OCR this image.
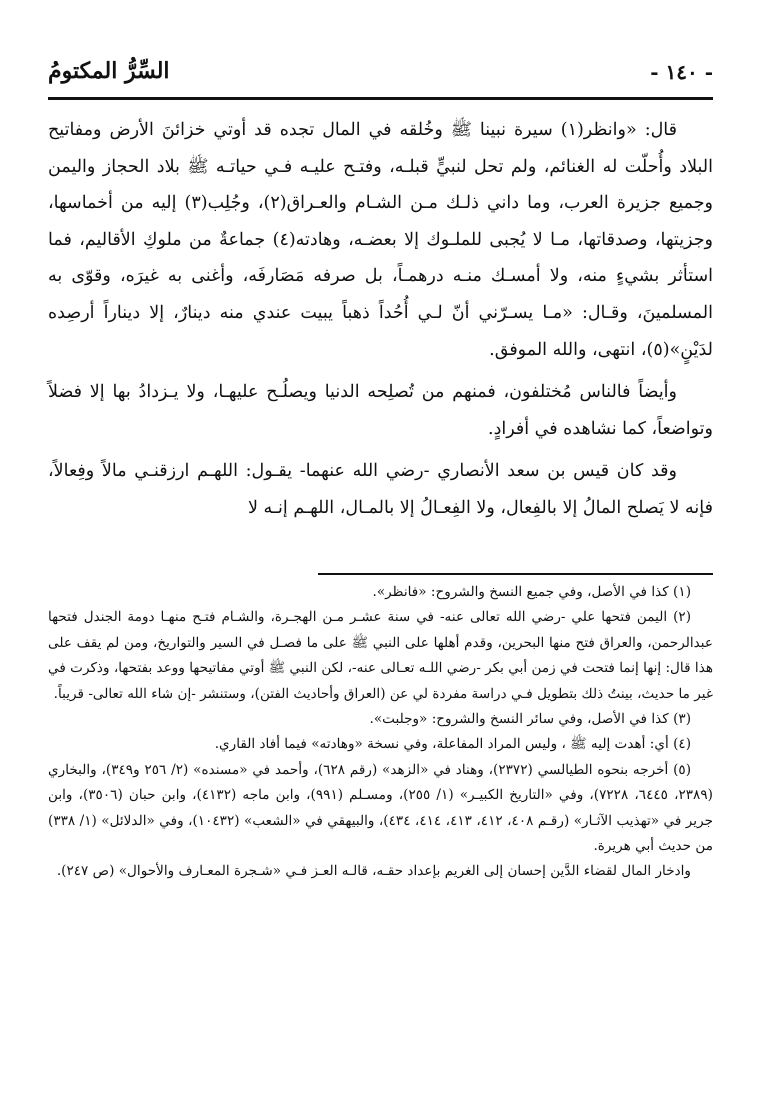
السِّرُّ المكتومُ	- ١٤٠ -

قال: «وانظر(١) سيرة نبينا ﷺ وخُلقه في المال تجده قد أوتي خزائنَ الأرض ومفاتيح البلاد وأُحلّت له الغنائم، ولم تحل لنبيٍّ قبلـه، وفتـح عليـه فـي حياتـه ﷺ بلاد الحجاز واليمن وجميع جزيرة العرب، وما داني ذلـك مـن الشـام والعـراق(٢)، وجُلِب(٣) إليه من أخماسها، وجزيتها، وصدقاتها، مـا لا يُجبى للملـوك إلا بعضـه، وهادته(٤) جماعةٌ من ملوكِ الأقاليم، فما استأثر بشيءٍ منه، ولا أمسـك منـه درهمـاً، بل صرفه مَصَارفَه، وأغنى به غيرَه، وقوّى به المسلمينَ، وقـال: «مـا يسـرّني أنّ لـي أُحُداً ذهباً يبيت عندي منه دينارٌ، إلا ديناراً أرصِده لدَيْنٍ»(٥)، انتهى، والله الموفق.

وأيضاً فالناس مُختلفون، فمنهم من تُصلِحه الدنيا ويصلُـح عليهـا، ولا يـزدادُ بها إلا فضلاً وتواضعاً، كما نشاهده في أفرادٍ.

وقد كان قيس بن سعد الأنصاري -رضي الله عنهما- يقـول: اللهـم ارزقنـي مالاً وفِعالاً، فإنه لا يَصلح المالُ إلا بالفِعال، ولا الفِعـالُ إلا بالمـال، اللهـم إنـه لا

(١) كذا في الأصل، وفي جميع النسخ والشروح: «فانظر».

(٢) اليمن فتحها علي -رضي الله تعالى عنه- في سنة عشـر مـن الهجـرة، والشـام فتـح منهـا دومة الجندل فتحها عبدالرحمن، والعراق فتح منها البحرين، وقدم أهلها على النبي ﷺ على ما فصـل في السير والتواريخ، ومن لم يقف على هذا قال: إنها إنما فتحت في زمن أبي بكر -رضي اللـه تعـالى عنه-، لكن النبي ﷺ أوتي مفاتيحها ووعد بفتحها، وذكرت في غير ما حديث، بينتُ ذلك بتطويل فـي دراسة مفردة لي عن (العراق وأحاديث الفتن)، وستنشر -إن شاء الله تعالى- قريباً.

(٣) كذا في الأصل، وفي سائر النسخ والشروح: «وجلبت».

(٤) أي: أهدت إليه ﷺ ، وليس المراد المفاعلة، وفي نسخة «وهادته» فيما أفاد القاري.

(٥) أخرجه بنحوه الطيالسي (٢٣٧٢)، وهناد في «الزهد» (رقم ٦٢٨)، وأحمد في «مسنده» (٢/ ٢٥٦ و٣٤٩)، والبخاري (٢٣٨٩، ٦٤٤٥، ٧٢٢٨)، وفي «التاريخ الكبيـر» (١/ ٢٥٥)، ومسـلم (٩٩١)، وابن ماجه (٤١٣٢)، وابن حبان (٣٥٠٦)، وابن جرير في «تهذيب الآثـار» (رقـم ٤٠٨، ٤١٢، ٤١٣، ٤١٤، ٤٣٤)، والبيهقي في «الشعب» (١٠٤٣٢)، وفي «الدلائل» (١/ ٣٣٨) من حديث أبي هريرة.

وادخار المال لقضاء الدَّين إحسان إلى الغريم بإعداد حقـه، قالـه العـز فـي «شـجرة المعـارف والأحوال» (ص ٢٤٧).
